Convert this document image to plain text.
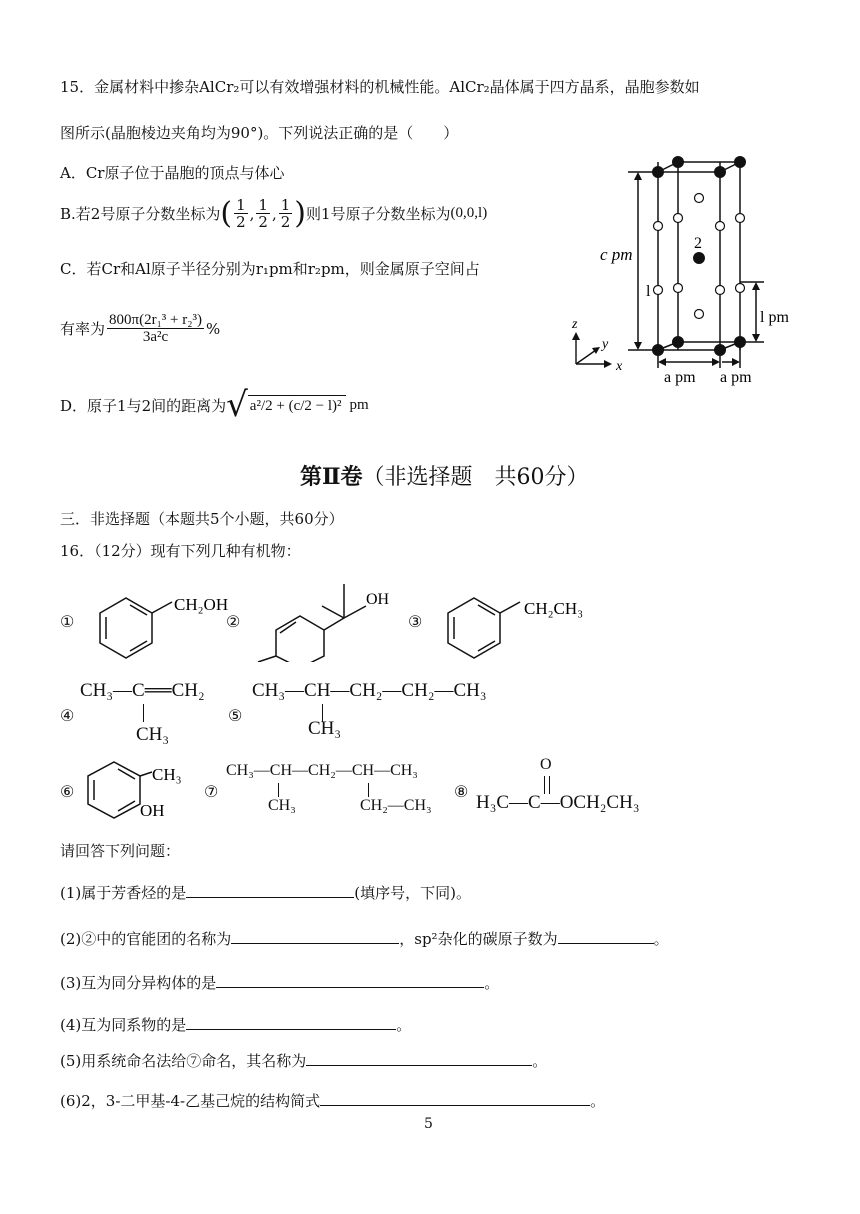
15．金属材料中掺杂AlCr₂可以有效增强材料的机械性能。AlCr₂晶体属于四方晶系，晶胞参数如
图所示(晶胞棱边夹角均为90°)。下列说法正确的是（　　）
A．Cr原子位于晶胞的顶点与体心
B.若2号原子分数坐标为 ( $\frac{1}{2}$ , $\frac{1}{2}$ , $\frac{1}{2}$ ) 则1号原子分数坐标为 (0,0,l)
C．若Cr和Al原子半径分别为r₁pm和r₂pm，则金属原子空间占
有率为 $\frac{\text{800π(2r₁³ + r₂³)}}{\text{3a²c}}$ %
D．原子1与2间的距离为 √ a²/2 + (c/2 − l)² pm
c pm
l
l pm
2
a pm a pm
z
y
x
第Ⅱ卷（非选择题　共60分）
三．非选择题（本题共5个小题，共60分）
16．（12分）现有下列几种有机物：
①
CH₂OH
②
OH
③
CH₂CH₃
④
CH₃—C══CH₂
CH₃
⑤
CH₃—CH—CH₂—CH₂—CH₃
CH₃
⑥
CH₃
OH
⑦
CH₃—CH—CH₂—CH—CH₃
CH₃	CH₂—CH₃
⑧
O
H₃C—C—OCH₂CH₃
请回答下列问题：
(1)属于芳香烃的是	(填序号，下同)。
(2)②中的官能团的名称为	，sp²杂化的碳原子数为	。
(3)互为同分异构体的是	。
(4)互为同系物的是	。
(5)用系统命名法给⑦命名，其名称为	。
(6)2，3-二甲基-4-乙基己烷的结构简式	。
5
